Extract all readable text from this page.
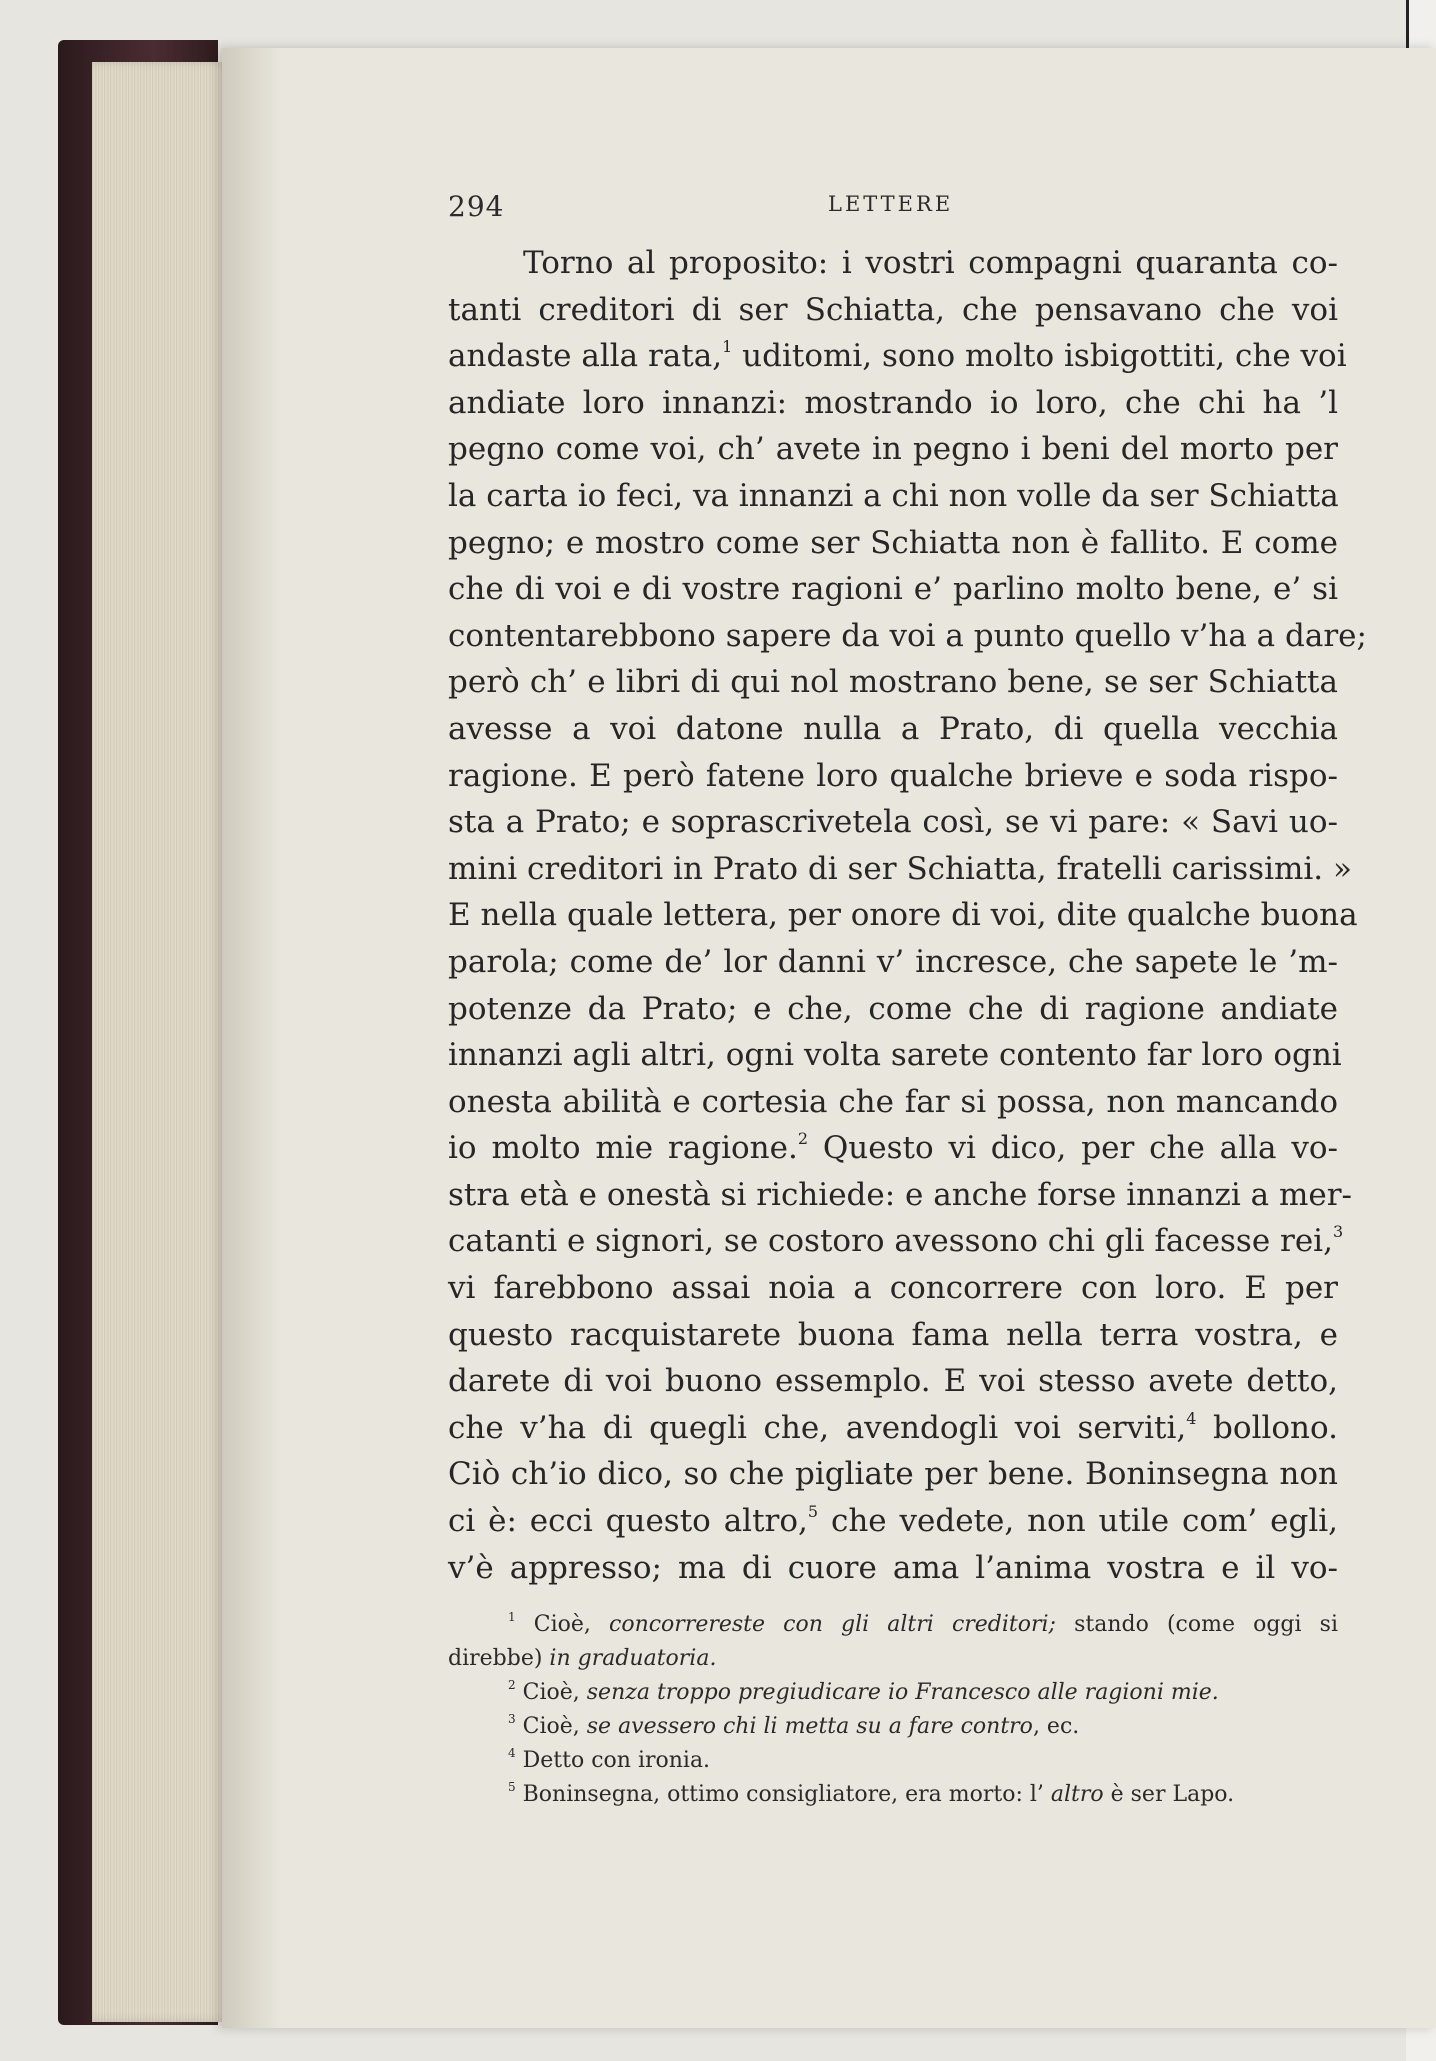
294	LETTERE
Torno al proposito: i vostri compagni quaranta co-
tanti creditori di ser Schiatta, che pensavano che voi
andaste alla rata,$^1$ uditomi, sono molto isbigottiti, che voi
andiate loro innanzi: mostrando io loro, che chi ha ’l
pegno come voi, ch’ avete in pegno i beni del morto per
la carta io feci, va innanzi a chi non volle da ser Schiatta
pegno; e mostro come ser Schiatta non è fallito. E come
che di voi e di vostre ragioni e’ parlino molto bene, e’ si
contentarebbono sapere da voi a punto quello v’ha a dare;
però ch’ e libri di qui nol mostrano bene, se ser Schiatta
avesse a voi datone nulla a Prato, di quella vecchia
ragione. E però fatene loro qualche brieve e soda rispo-
sta a Prato; e soprascrivetela così, se vi pare: « Savi uo-
mini creditori in Prato di ser Schiatta, fratelli carissimi. »
E nella quale lettera, per onore di voi, dite qualche buona
parola; come de’ lor danni v’ incresce, che sapete le ’m-
potenze da Prato; e che, come che di ragione andiate
innanzi agli altri, ogni volta sarete contento far loro ogni
onesta abilità e cortesia che far si possa, non mancando
io molto mie ragione.$^2$ Questo vi dico, per che alla vo-
stra età e onestà si richiede: e anche forse innanzi a mer-
catanti e signori, se costoro avessono chi gli facesse rei,$^3$
vi farebbono assai noia a concorrere con loro. E per
questo racquistarete buona fama nella terra vostra, e
darete di voi buono essemplo. E voi stesso avete detto,
che v’ha di quegli che, avendogli voi serviti,$^4$ bollono.
Ciò ch’io dico, so che pigliate per bene. Boninsegna non
ci è: ecci questo altro,$^5$ che vedete, non utile com’ egli,
v’è appresso; ma di cuore ama l’anima vostra e il vo-
$^1$ Cioè, concorrereste con gli altri creditori; stando (come oggi si
direbbe) in graduatoria.
$^2$ Cioè, senza troppo pregiudicare io Francesco alle ragioni mie.
$^3$ Cioè, se avessero chi li metta su a fare contro, ec.
$^4$ Detto con ironia.
$^5$ Boninsegna, ottimo consigliatore, era morto: l’ altro è ser Lapo.
